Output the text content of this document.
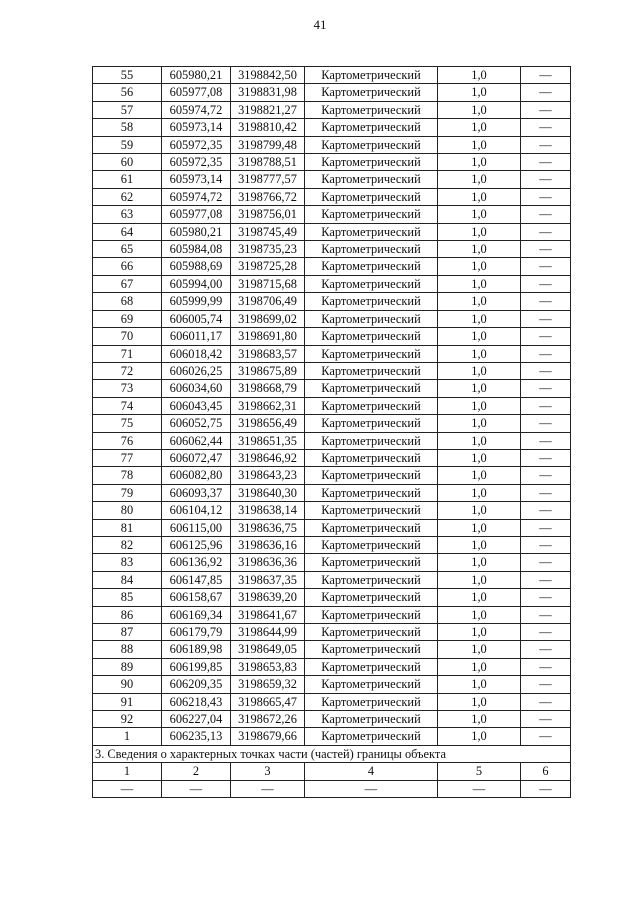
41
55	605980,21	3198842,50	Картометрический	1,0	—
56	605977,08	3198831,98	Картометрический	1,0	—
57	605974,72	3198821,27	Картометрический	1,0	—
58	605973,14	3198810,42	Картометрический	1,0	—
59	605972,35	3198799,48	Картометрический	1,0	—
60	605972,35	3198788,51	Картометрический	1,0	—
61	605973,14	3198777,57	Картометрический	1,0	—
62	605974,72	3198766,72	Картометрический	1,0	—
63	605977,08	3198756,01	Картометрический	1,0	—
64	605980,21	3198745,49	Картометрический	1,0	—
65	605984,08	3198735,23	Картометрический	1,0	—
66	605988,69	3198725,28	Картометрический	1,0	—
67	605994,00	3198715,68	Картометрический	1,0	—
68	605999,99	3198706,49	Картометрический	1,0	—
69	606005,74	3198699,02	Картометрический	1,0	—
70	606011,17	3198691,80	Картометрический	1,0	—
71	606018,42	3198683,57	Картометрический	1,0	—
72	606026,25	3198675,89	Картометрический	1,0	—
73	606034,60	3198668,79	Картометрический	1,0	—
74	606043,45	3198662,31	Картометрический	1,0	—
75	606052,75	3198656,49	Картометрический	1,0	—
76	606062,44	3198651,35	Картометрический	1,0	—
77	606072,47	3198646,92	Картометрический	1,0	—
78	606082,80	3198643,23	Картометрический	1,0	—
79	606093,37	3198640,30	Картометрический	1,0	—
80	606104,12	3198638,14	Картометрический	1,0	—
81	606115,00	3198636,75	Картометрический	1,0	—
82	606125,96	3198636,16	Картометрический	1,0	—
83	606136,92	3198636,36	Картометрический	1,0	—
84	606147,85	3198637,35	Картометрический	1,0	—
85	606158,67	3198639,20	Картометрический	1,0	—
86	606169,34	3198641,67	Картометрический	1,0	—
87	606179,79	3198644,99	Картометрический	1,0	—
88	606189,98	3198649,05	Картометрический	1,0	—
89	606199,85	3198653,83	Картометрический	1,0	—
90	606209,35	3198659,32	Картометрический	1,0	—
91	606218,43	3198665,47	Картометрический	1,0	—
92	606227,04	3198672,26	Картометрический	1,0	—
1	606235,13	3198679,66	Картометрический	1,0	—
3. Сведения о характерных точках части (частей) границы объекта					
1	2	3	4	5	6
—	—	—	—	—	—
